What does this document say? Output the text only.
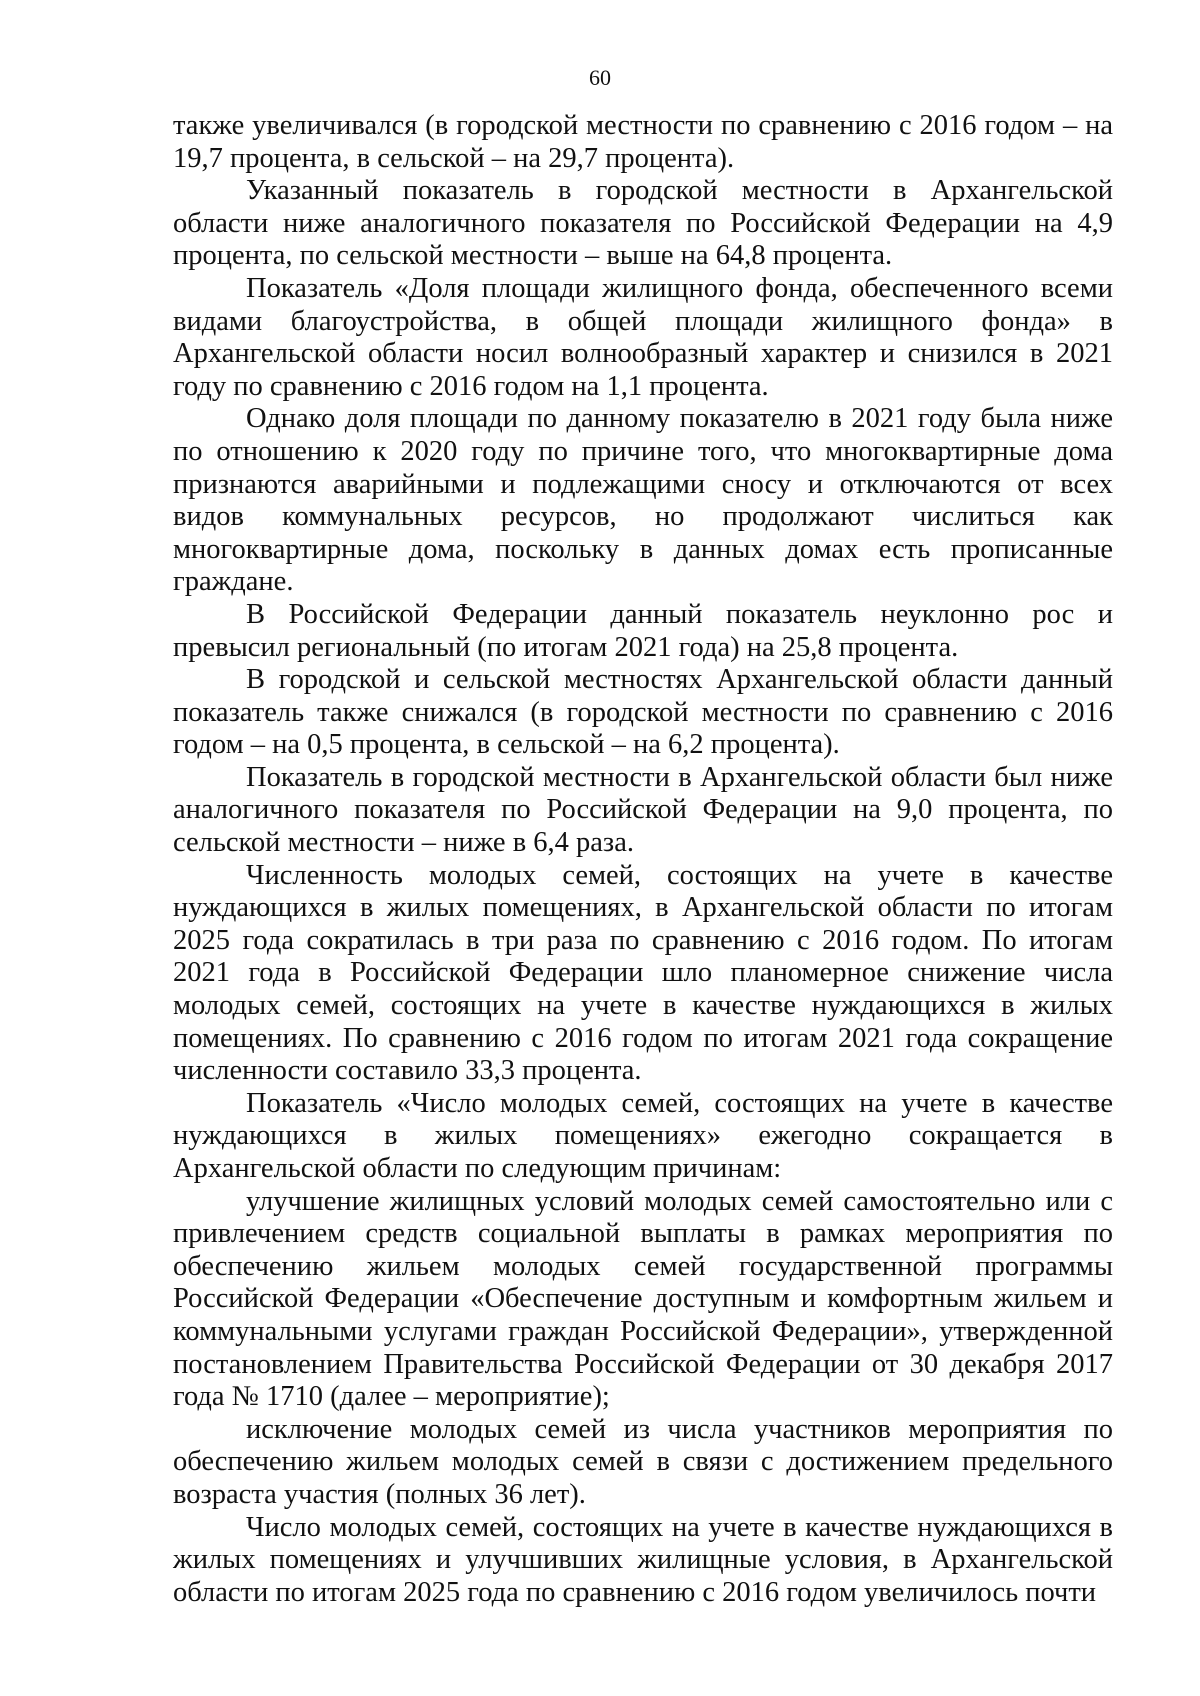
60

также увеличивался (в городской местности по сравнению с 2016 годом – на 19,7 процента, в сельской – на 29,7 процента).

Указанный показатель в городской местности в Архангельской области ниже аналогичного показателя по Российской Федерации на 4,9 процента, по сельской местности – выше на 64,8 процента.

Показатель «Доля площади жилищного фонда, обеспеченного всеми видами благоустройства, в общей площади жилищного фонда» в Архангельской области носил волнообразный характер и снизился в 2021 году по сравнению с 2016 годом на 1,1 процента.

Однако доля площади по данному показателю в 2021 году была ниже по отношению к 2020 году по причине того, что многоквартирные дома признаются аварийными и подлежащими сносу и отключаются от всех видов коммунальных ресурсов, но продолжают числиться как многоквартирные дома, поскольку в данных домах есть прописанные граждане.

В Российской Федерации данный показатель неуклонно рос и превысил региональный (по итогам 2021 года) на 25,8 процента.

В городской и сельской местностях Архангельской области данный показатель также снижался (в городской местности по сравнению с 2016 годом – на 0,5 процента, в сельской – на 6,2 процента).

Показатель в городской местности в Архангельской области был ниже аналогичного показателя по Российской Федерации на 9,0 процента, по сельской местности – ниже в 6,4 раза.

Численность молодых семей, состоящих на учете в качестве нуждающихся в жилых помещениях, в Архангельской области по итогам 2025 года сократилась в три раза по сравнению с 2016 годом. По итогам 2021 года в Российской Федерации шло планомерное снижение числа молодых семей, состоящих на учете в качестве нуждающихся в жилых помещениях. По сравнению с 2016 годом по итогам 2021 года сокращение численности составило 33,3 процента.

Показатель «Число молодых семей, состоящих на учете в качестве нуждающихся в жилых помещениях» ежегодно сокращается в Архангельской области по следующим причинам:

улучшение жилищных условий молодых семей самостоятельно или с привлечением средств социальной выплаты в рамках мероприятия по обеспечению жильем молодых семей государственной программы Российской Федерации «Обеспечение доступным и комфортным жильем и коммунальными услугами граждан Российской Федерации», утвержденной постановлением Правительства Российской Федерации от 30 декабря 2017 года № 1710 (далее – мероприятие);

исключение молодых семей из числа участников мероприятия по обеспечению жильем молодых семей в связи с достижением предельного возраста участия (полных 36 лет).

Число молодых семей, состоящих на учете в качестве нуждающихся в жилых помещениях и улучшивших жилищные условия, в Архангельской области по итогам 2025 года по сравнению с 2016 годом увеличилось почти
